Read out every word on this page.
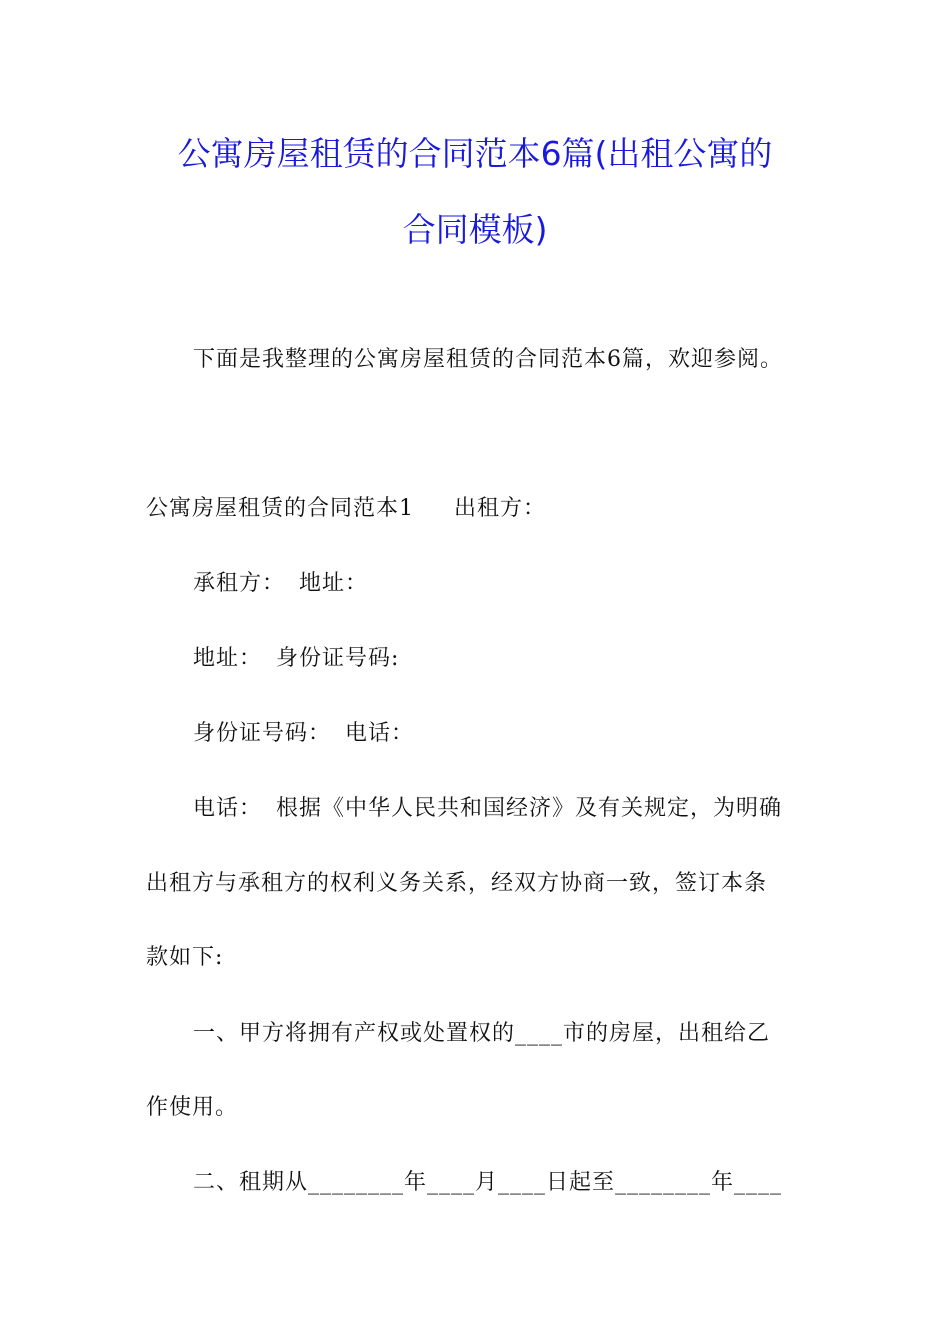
公寓房屋租赁的合同范本6篇(出租公寓的
合同模板)

下面是我整理的公寓房屋租赁的合同范本6篇，欢迎参阅。

公寓房屋租赁的合同范本1 出租方：

承租方： 地址：

地址： 身份证号码:

身份证号码： 电话：

电话： 根据《中华人民共和国经济》及有关规定，为明确

出租方与承租方的权利义务关系，经双方协商一致，签订本条

款如下:

一、甲方将拥有产权或处置权的____市的房屋，出租给乙

作使用。

二、租期从________年____月____日起至________年____
